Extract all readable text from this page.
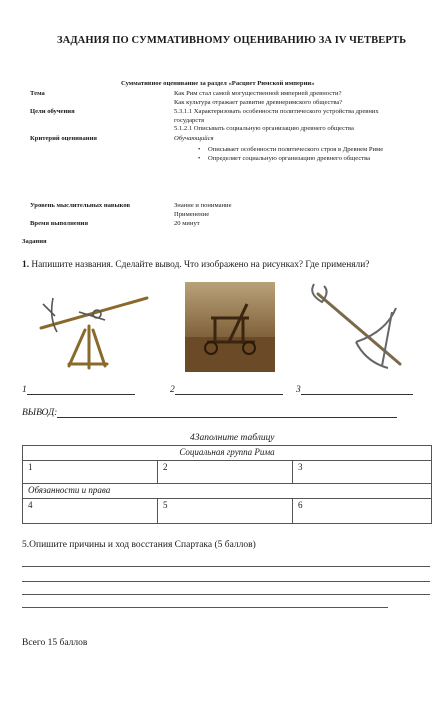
ЗАДАНИЯ ПО СУММАТИВНОМУ ОЦЕНИВАНИЮ ЗА IV ЧЕТВЕРТЬ
Суммативное оценивание за раздел «Расцвет Римской империи»
Тема	Как Рим стал самой могущественной империей древности?
Как культура отражает развитие древнеримского общества?
Цели обучения	5.3.1.1 Характеризовать особенности политического устройства древних
государств
5.1.2.1 Описывать социальную организацию древнего общества
Критерий оценивания	Обучающийся
• Описывает особенности политического строя в Древнем Риме
• Определяет социальную организацию древнего общества
Уровень мыслительных навыков	Знание и понимание
Применение
Время выполнения	20 минут
Задания
1. Напишите названия. Сделайте вывод. Что изображено на рисунках? Где применяли?
1	2	3
ВЫВОД:
4Заполните таблицу
Социальная группа Рима		
1	2	3
Обязанности и права		
4	5	6
5.Опишите причины и ход восстания Спартака (5 баллов)
Всего 15 баллов
